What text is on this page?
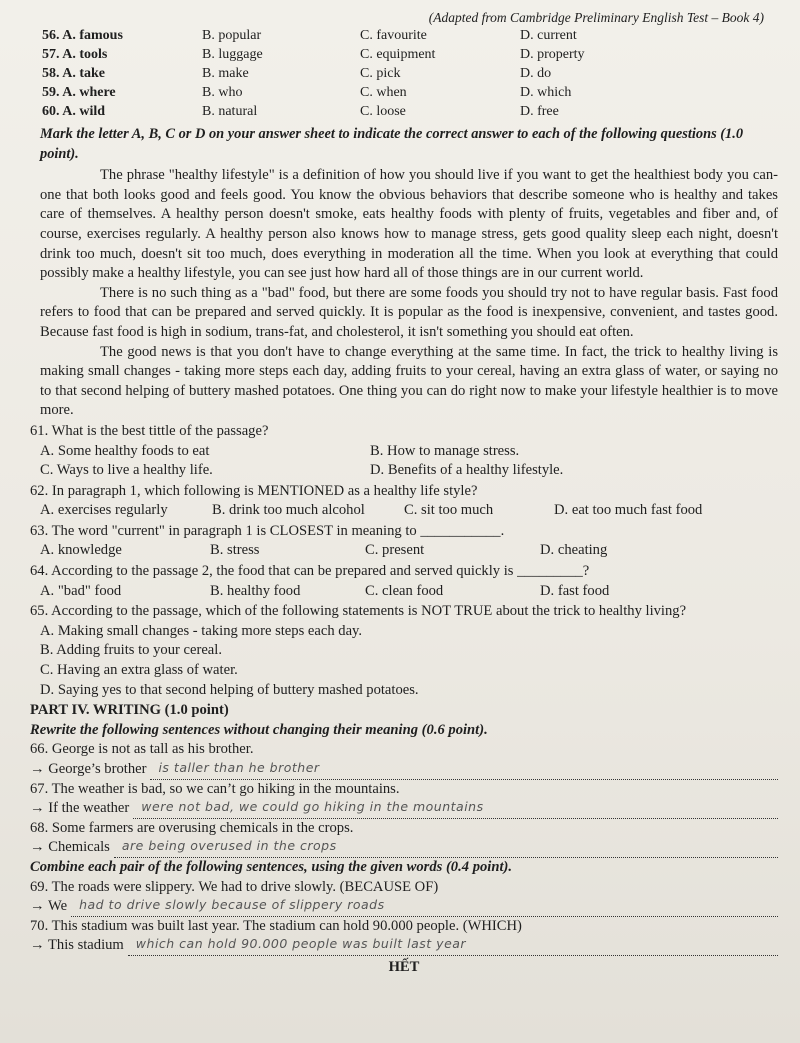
(Adapted from Cambridge Preliminary English Test – Book 4)
56. A. famous	B. popular	C. favourite	D. current
57. A. tools	B. luggage	C. equipment	D. property
58. A. take	B. make	C. pick	D. do
59. A. where	B. who	C. when	D. which
60. A. wild	B. natural	C. loose	D. free
Mark the letter A, B, C or D on your answer sheet to indicate the correct answer to each of the following questions (1.0 point).

The phrase "healthy lifestyle" is a definition of how you should live if you want to get the healthiest body you can- one that both looks good and feels good. You know the obvious behaviors that describe someone who is healthy and takes care of themselves. A healthy person doesn't smoke, eats healthy foods with plenty of fruits, vegetables and fiber and, of course, exercises regularly. A healthy person also knows how to manage stress, gets good quality sleep each night, doesn't drink too much, doesn't sit too much, does everything in moderation all the time. When you look at everything that could possibly make a healthy lifestyle, you can see just how hard all of those things are in our current world.

There is no such thing as a "bad" food, but there are some foods you should try not to have regular basis. Fast food refers to food that can be prepared and served quickly. It is popular as the food is inexpensive, convenient, and tastes good. Because fast food is high in sodium, trans-fat, and cholesterol, it isn't something you should eat often.

The good news is that you don't have to change everything at the same time. In fact, the trick to healthy living is making small changes - taking more steps each day, adding fruits to your cereal, having an extra glass of water, or saying no to that second helping of buttery mashed potatoes. One thing you can do right now to make your lifestyle healthier is to move more.

61. What is the best tittle of the passage?
A. Some healthy foods to eat	B. How to manage stress.
C. Ways to live a healthy life.	D. Benefits of a healthy lifestyle.
62. In paragraph 1, which following is MENTIONED as a healthy life style?
A. exercises regularly	B. drink too much alcohol	C. sit too much	D. eat too much fast food
63. The word "current" in paragraph 1 is CLOSEST in meaning to ___________.
A. knowledge	B. stress	C. present	D. cheating
64. According to the passage 2, the food that can be prepared and served quickly is _________?
A. "bad" food	B. healthy food	C. clean food	D. fast food
65. According to the passage, which of the following statements is NOT TRUE about the trick to healthy living?
A. Making small changes - taking more steps each day.
B. Adding fruits to your cereal.
C. Having an extra glass of water.
D. Saying yes to that second helping of buttery mashed potatoes.
PART IV. WRITING (1.0 point)
Rewrite the following sentences without changing their meaning (0.6 point).
66. George is not as tall as his brother.
→ George’s brother is taller than he brother
67. The weather is bad, so we can’t go hiking in the mountains.
→ If the weather were not bad, we could go hiking in the mountains
68. Some farmers are overusing chemicals in the crops.
→ Chemicals are being overused in the crops
Combine each pair of the following sentences, using the given words (0.4 point).
69. The roads were slippery. We had to drive slowly. (BECAUSE OF)
→ We had to drive slowly because of slippery roads
70. This stadium was built last year. The stadium can hold 90.000 people. (WHICH)
→ This stadium which can hold 90.000 people was built last year
HẾT
